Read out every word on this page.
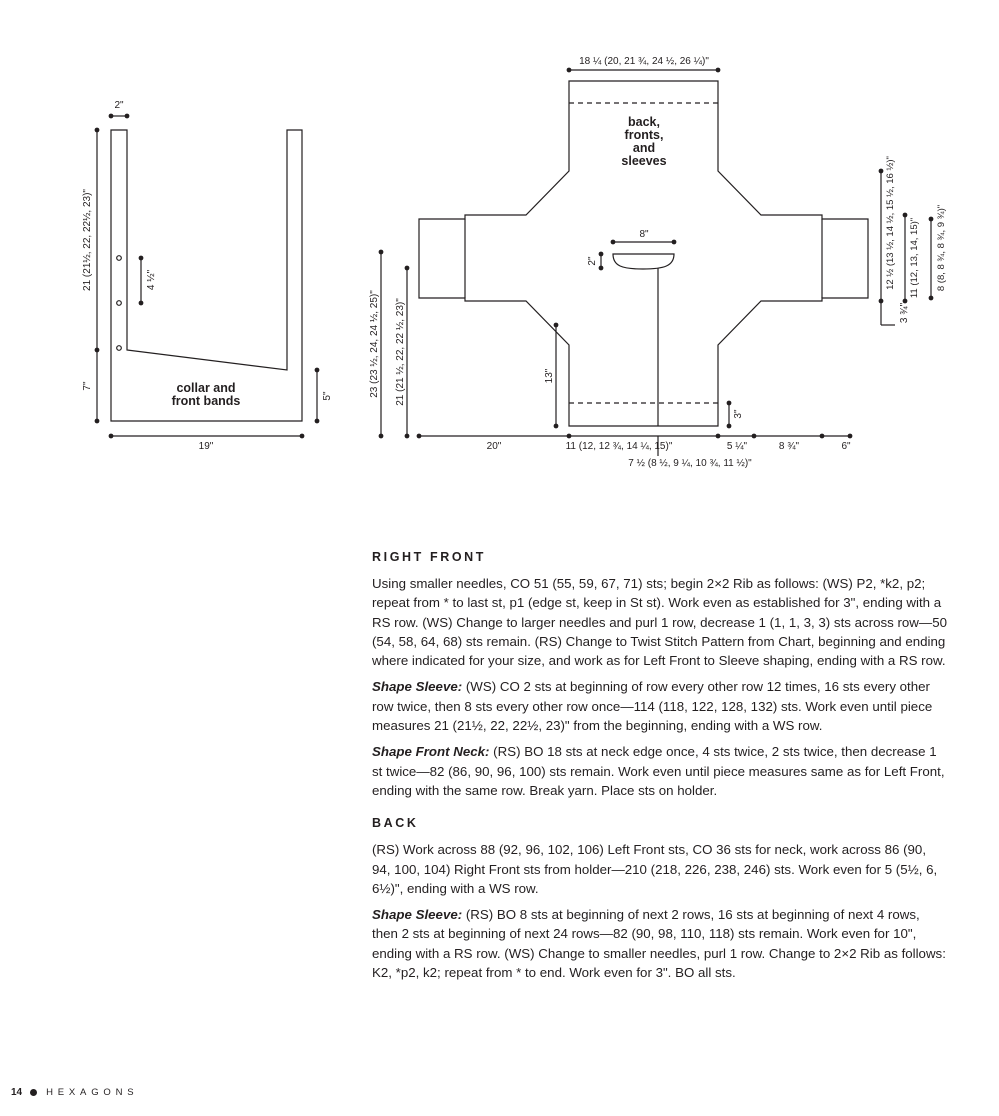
collar and
front bands
2"
21 (21½, 22, 22½, 23)"
7"
4 ½"
5"
19"
back,
fronts,
and
sleeves
18 ¼ (20, 21 ¾, 24 ½, 26 ¼)"
8"
2"	12 ½ (13 ½, 14 ½, 15 ½, 16 ½)" 11 (12, 13, 14, 15)" 8 (8, 8 ¾, 8 ¾, 9 ¾)"
3 ¾"
23 (23 ½, 24, 24 ½, 25)" 21 (21 ½, 22, 22 ½, 23)"	13"
3"
20"	11 (12, 12 ¾, 14 ¼, 15)"
7 ½ (8 ½, 9 ¼, 10 ¾, 11 ½)"
5 ¼"	8 ¾"	6"
RIGHT FRONT

Using smaller needles, CO 51 (55, 59, 67, 71) sts; begin 2×2 Rib as follows: (WS) P2, *k2, p2; repeat from * to last st, p1 (edge st, keep in St st). Work even as established for 3", ending with a RS row. (WS) Change to larger needles and purl 1 row, decrease 1 (1, 1, 3, 3) sts across row—50 (54, 58, 64, 68) sts remain. (RS) Change to Twist Stitch Pattern from Chart, beginning and ending where indicated for your size, and work as for Left Front to Sleeve shaping, ending with a RS row.

Shape Sleeve: (WS) CO 2 sts at beginning of row every other row 12 times, 16 sts every other row twice, then 8 sts every other row once—114 (118, 122, 128, 132) sts. Work even until piece measures 21 (21½, 22, 22½, 23)" from the beginning, ending with a WS row.

Shape Front Neck: (RS) BO 18 sts at neck edge once, 4 sts twice, 2 sts twice, then decrease 1 st twice—82 (86, 90, 96, 100) sts remain. Work even until piece measures same as for Left Front, ending with the same row. Break yarn. Place sts on holder.

BACK

(RS) Work across 88 (92, 96, 102, 106) Left Front sts, CO 36 sts for neck, work across 86 (90, 94, 100, 104) Right Front sts from holder—210 (218, 226, 238, 246) sts. Work even for 5 (5½, 6, 6½)", ending with a WS row.

Shape Sleeve: (RS) BO 8 sts at beginning of next 2 rows, 16 sts at beginning of next 4 rows, then 2 sts at beginning of next 24 rows—82 (90, 98, 110, 118) sts remain. Work even for 10", ending with a RS row. (WS) Change to smaller needles, purl 1 row. Change to 2×2 Rib as follows: K2, *p2, k2; repeat from * to end. Work even for 3". BO all sts.

14	HEXAGONS
